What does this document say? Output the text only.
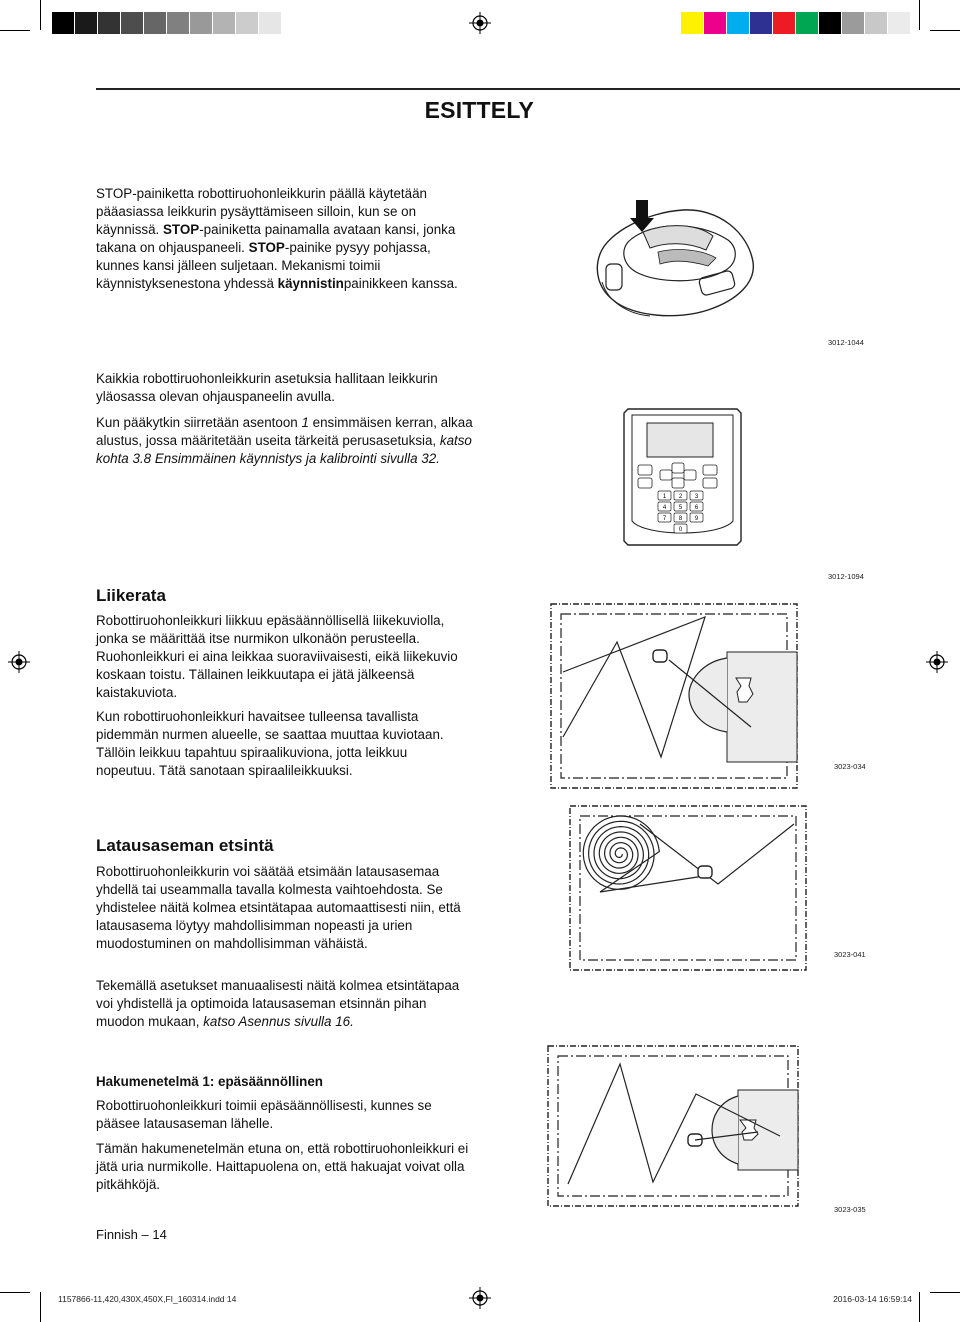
ESITTELY
STOP-painiketta robottiruohonleikkurin päällä käytetään pääasiassa leikkurin pysäyttämiseen silloin, kun se on käynnissä. STOP-painiketta painamalla avataan kansi, jonka takana on ohjauspaneeli. STOP-painike pysyy pohjassa, kunnes kansi jälleen suljetaan. Mekanismi toimii käynnistyksenestona yhdessä käynnistinpainikkeen kanssa.
Kaikkia robottiruohonleikkurin asetuksia hallitaan leikkurin yläosassa olevan ohjauspaneelin avulla.
Kun pääkytkin siirretään asentoon 1 ensimmäisen kerran, alkaa alustus, jossa määritetään useita tärkeitä perusasetuksia, katso kohta 3.8 Ensimmäinen käynnistys ja kalibrointi sivulla 32.
3012-1044
1 2 3
4 5 6
7 8 9
0
3012-1094
Liikerata
Robottiruohonleikkuri liikkuu epäsäännöllisellä liikekuviolla, jonka se määrittää itse nurmikon ulkonäön perusteella. Ruohonleikkuri ei aina leikkaa suoraviivaisesti, eikä liikekuvio koskaan toistu. Tällainen leikkuutapa ei jätä jälkeensä kaistakuviota.
Kun robottiruohonleikkuri havaitsee tulleensa tavallista pidemmän nurmen alueelle, se saattaa muuttaa kuviotaan. Tällöin leikkuu tapahtuu spiraalikuviona, jotta leikkuu nopeutuu. Tätä sanotaan spiraalileikkuuksi.	3023-034
Latausaseman etsintä
Robottiruohonleikkurin voi säätää etsimään latausasemaa yhdellä tai useammalla tavalla kolmesta vaihtoehdosta. Se yhdistelee näitä kolmea etsintätapaa automaattisesti niin, että latausasema löytyy mahdollisimman nopeasti ja urien muodostuminen on mahdollisimman vähäistä.
Tekemällä asetukset manuaalisesti näitä kolmea etsintätapaa voi yhdistellä ja optimoida latausaseman etsinnän pihan muodon mukaan, katso Asennus sivulla 16.
3023-041
Hakumenetelmä 1: epäsäännöllinen
Robottiruohonleikkuri toimii epäsäännöllisesti, kunnes se pääsee latausaseman lähelle.
Tämän hakumenetelmän etuna on, että robottiruohonleikkuri ei jätä uria nurmikolle. Haittapuolena on, että hakuajat voivat olla pitkähköjä.
3023-035
Finnish – 14
1157866-11,420,430X,450X,FI_160314.indd 14	2016-03-14 16:59:14
